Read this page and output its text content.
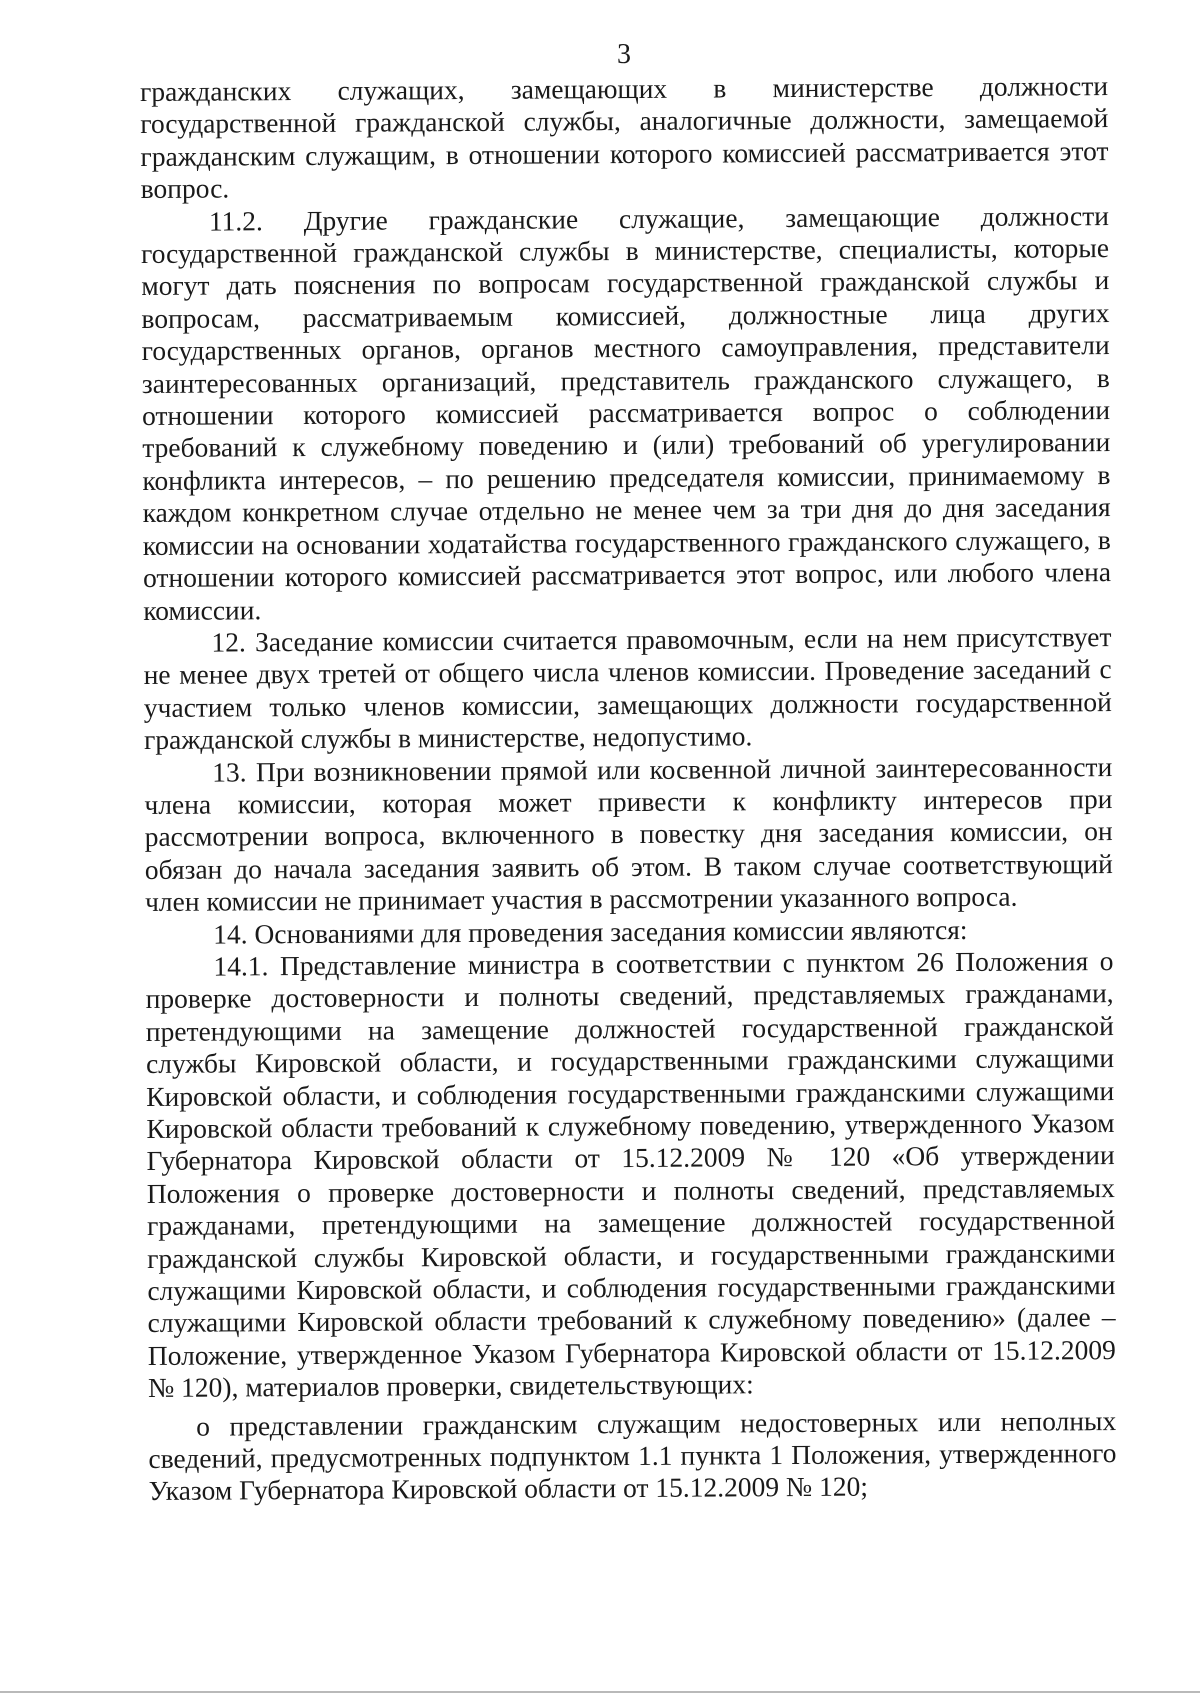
3

гражданских служащих, замещающих в министерстве должности государственной гражданской службы, аналогичные должности, замещаемой гражданским служащим, в отношении которого комиссией рассматривается этот вопрос.

11.2. Другие гражданские служащие, замещающие должности государственной гражданской службы в министерстве, специалисты, которые могут дать пояснения по вопросам государственной гражданской службы и вопросам, рассматриваемым комиссией, должностные лица других государственных органов, органов местного самоуправления, представители заинтересованных организаций, представитель гражданского служащего, в отношении которого комиссией рассматривается вопрос о соблюдении требований к служебному поведению и (или) требований об урегулировании конфликта интересов, – по решению председателя комиссии, принимаемому в каждом конкретном случае отдельно не менее чем за три дня до дня заседания комиссии на основании ходатайства государственного гражданского служащего, в отношении которого комиссией рассматривается этот вопрос, или любого члена комиссии.

12. Заседание комиссии считается правомочным, если на нем присутствует не менее двух третей от общего числа членов комиссии. Проведение заседаний с участием только членов комиссии, замещающих должности государственной гражданской службы в министерстве, недопустимо.

13. При возникновении прямой или косвенной личной заинтересованности члена комиссии, которая может привести к конфликту интересов при рассмотрении вопроса, включенного в повестку дня заседания комиссии, он обязан до начала заседания заявить об этом. В таком случае соответствующий член комиссии не принимает участия в рассмотрении указанного вопроса.

14. Основаниями для проведения заседания комиссии являются:

14.1. Представление министра в соответствии с пунктом 26 Положения о проверке достоверности и полноты сведений, представляемых гражданами, претендующими на замещение должностей государственной гражданской службы Кировской области, и государственными гражданскими служащими Кировской области, и соблюдения государственными гражданскими служащими Кировской области требований к служебному поведению, утвержденного Указом Губернатора Кировской области от 15.12.2009 № 120 «Об утверждении Положения о проверке достоверности и полноты сведений, представляемых гражданами, претендующими на замещение должностей государственной гражданской службы Кировской области, и государственными гражданскими служащими Кировской области, и соблюдения государственными гражданскими служащими Кировской области требований к служебному поведению» (далее – Положение, утвержденное Указом Губернатора Кировской области от 15.12.2009 № 120), материалов проверки, свидетельствующих:

о представлении гражданским служащим недостоверных или неполных сведений, предусмотренных подпунктом 1.1 пункта 1 Положения, утвержденного Указом Губернатора Кировской области от 15.12.2009 № 120;
